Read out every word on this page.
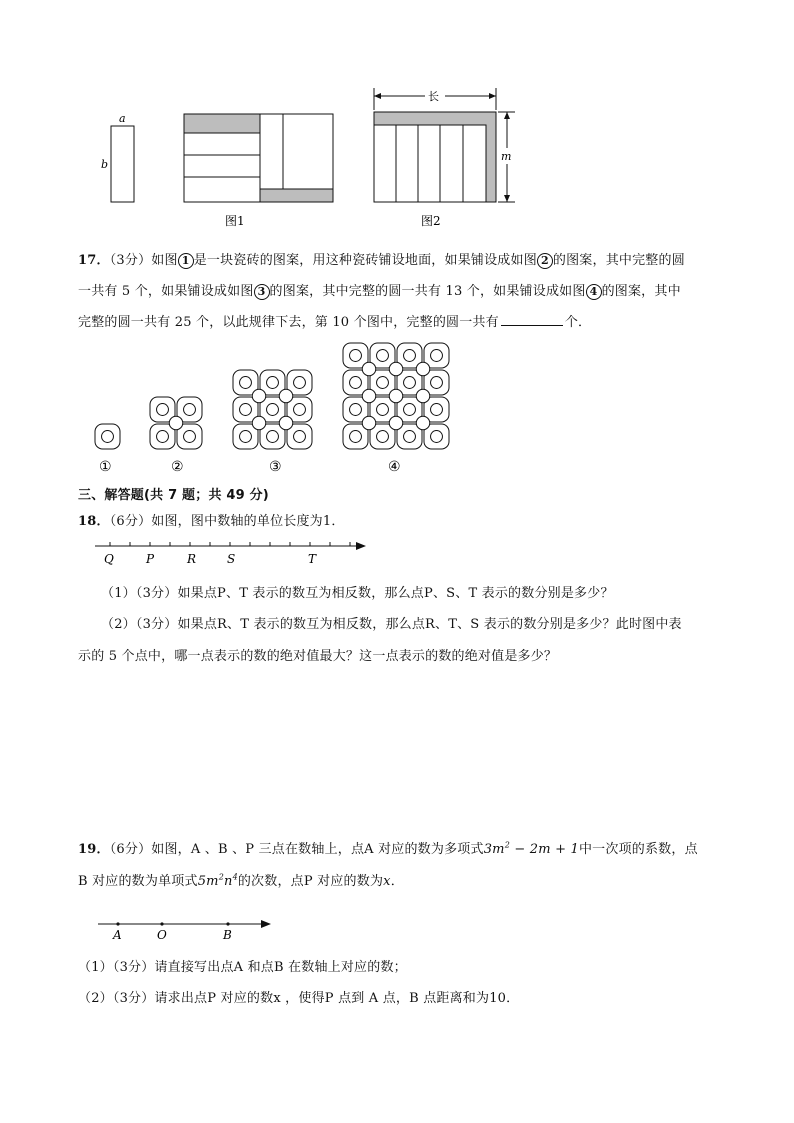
a
b
图1
长
m
图2
17．（3分）如图 1 是一块瓷砖的图案，用这种瓷砖铺设地面，如果铺设成如图 2 的图案，其中完整的圆
一共有 5 个，如果铺设成如图 3 的图案，其中完整的圆一共有 13 个，如果铺设成如图 4 的图案，其中
完整的圆一共有 25 个，以此规律下去，第 10 个图中，完整的圆一共有	个．
①	②	③	④
三、解答题(共 7 题；共 49 分)
18．（6分）如图，图中数轴的单位长度为1．
Q	P	R	S	T
（1）（3分）如果点P、T 表示的数互为相反数，那么点P、S、T 表示的数分别是多少？
（2）（3分）如果点R、T 表示的数互为相反数，那么点R、T、S 表示的数分别是多少？此时图中表
示的 5 个点中，哪一点表示的数的绝对值最大？这一点表示的数的绝对值是多少？
19．（6分）如图，A 、B 、P 三点在数轴上，点A 对应的数为多项式$3m^2 - 2m + 1$中一次项的系数，点
B 对应的数为单项式$5m^2n^4$的次数，点P 对应的数为x．
A	O	B
（1）（3分）请直接写出点A 和点B 在数轴上对应的数；
（2）（3分）请求出点P 对应的数x ，使得P 点到 A 点，B 点距离和为10．
